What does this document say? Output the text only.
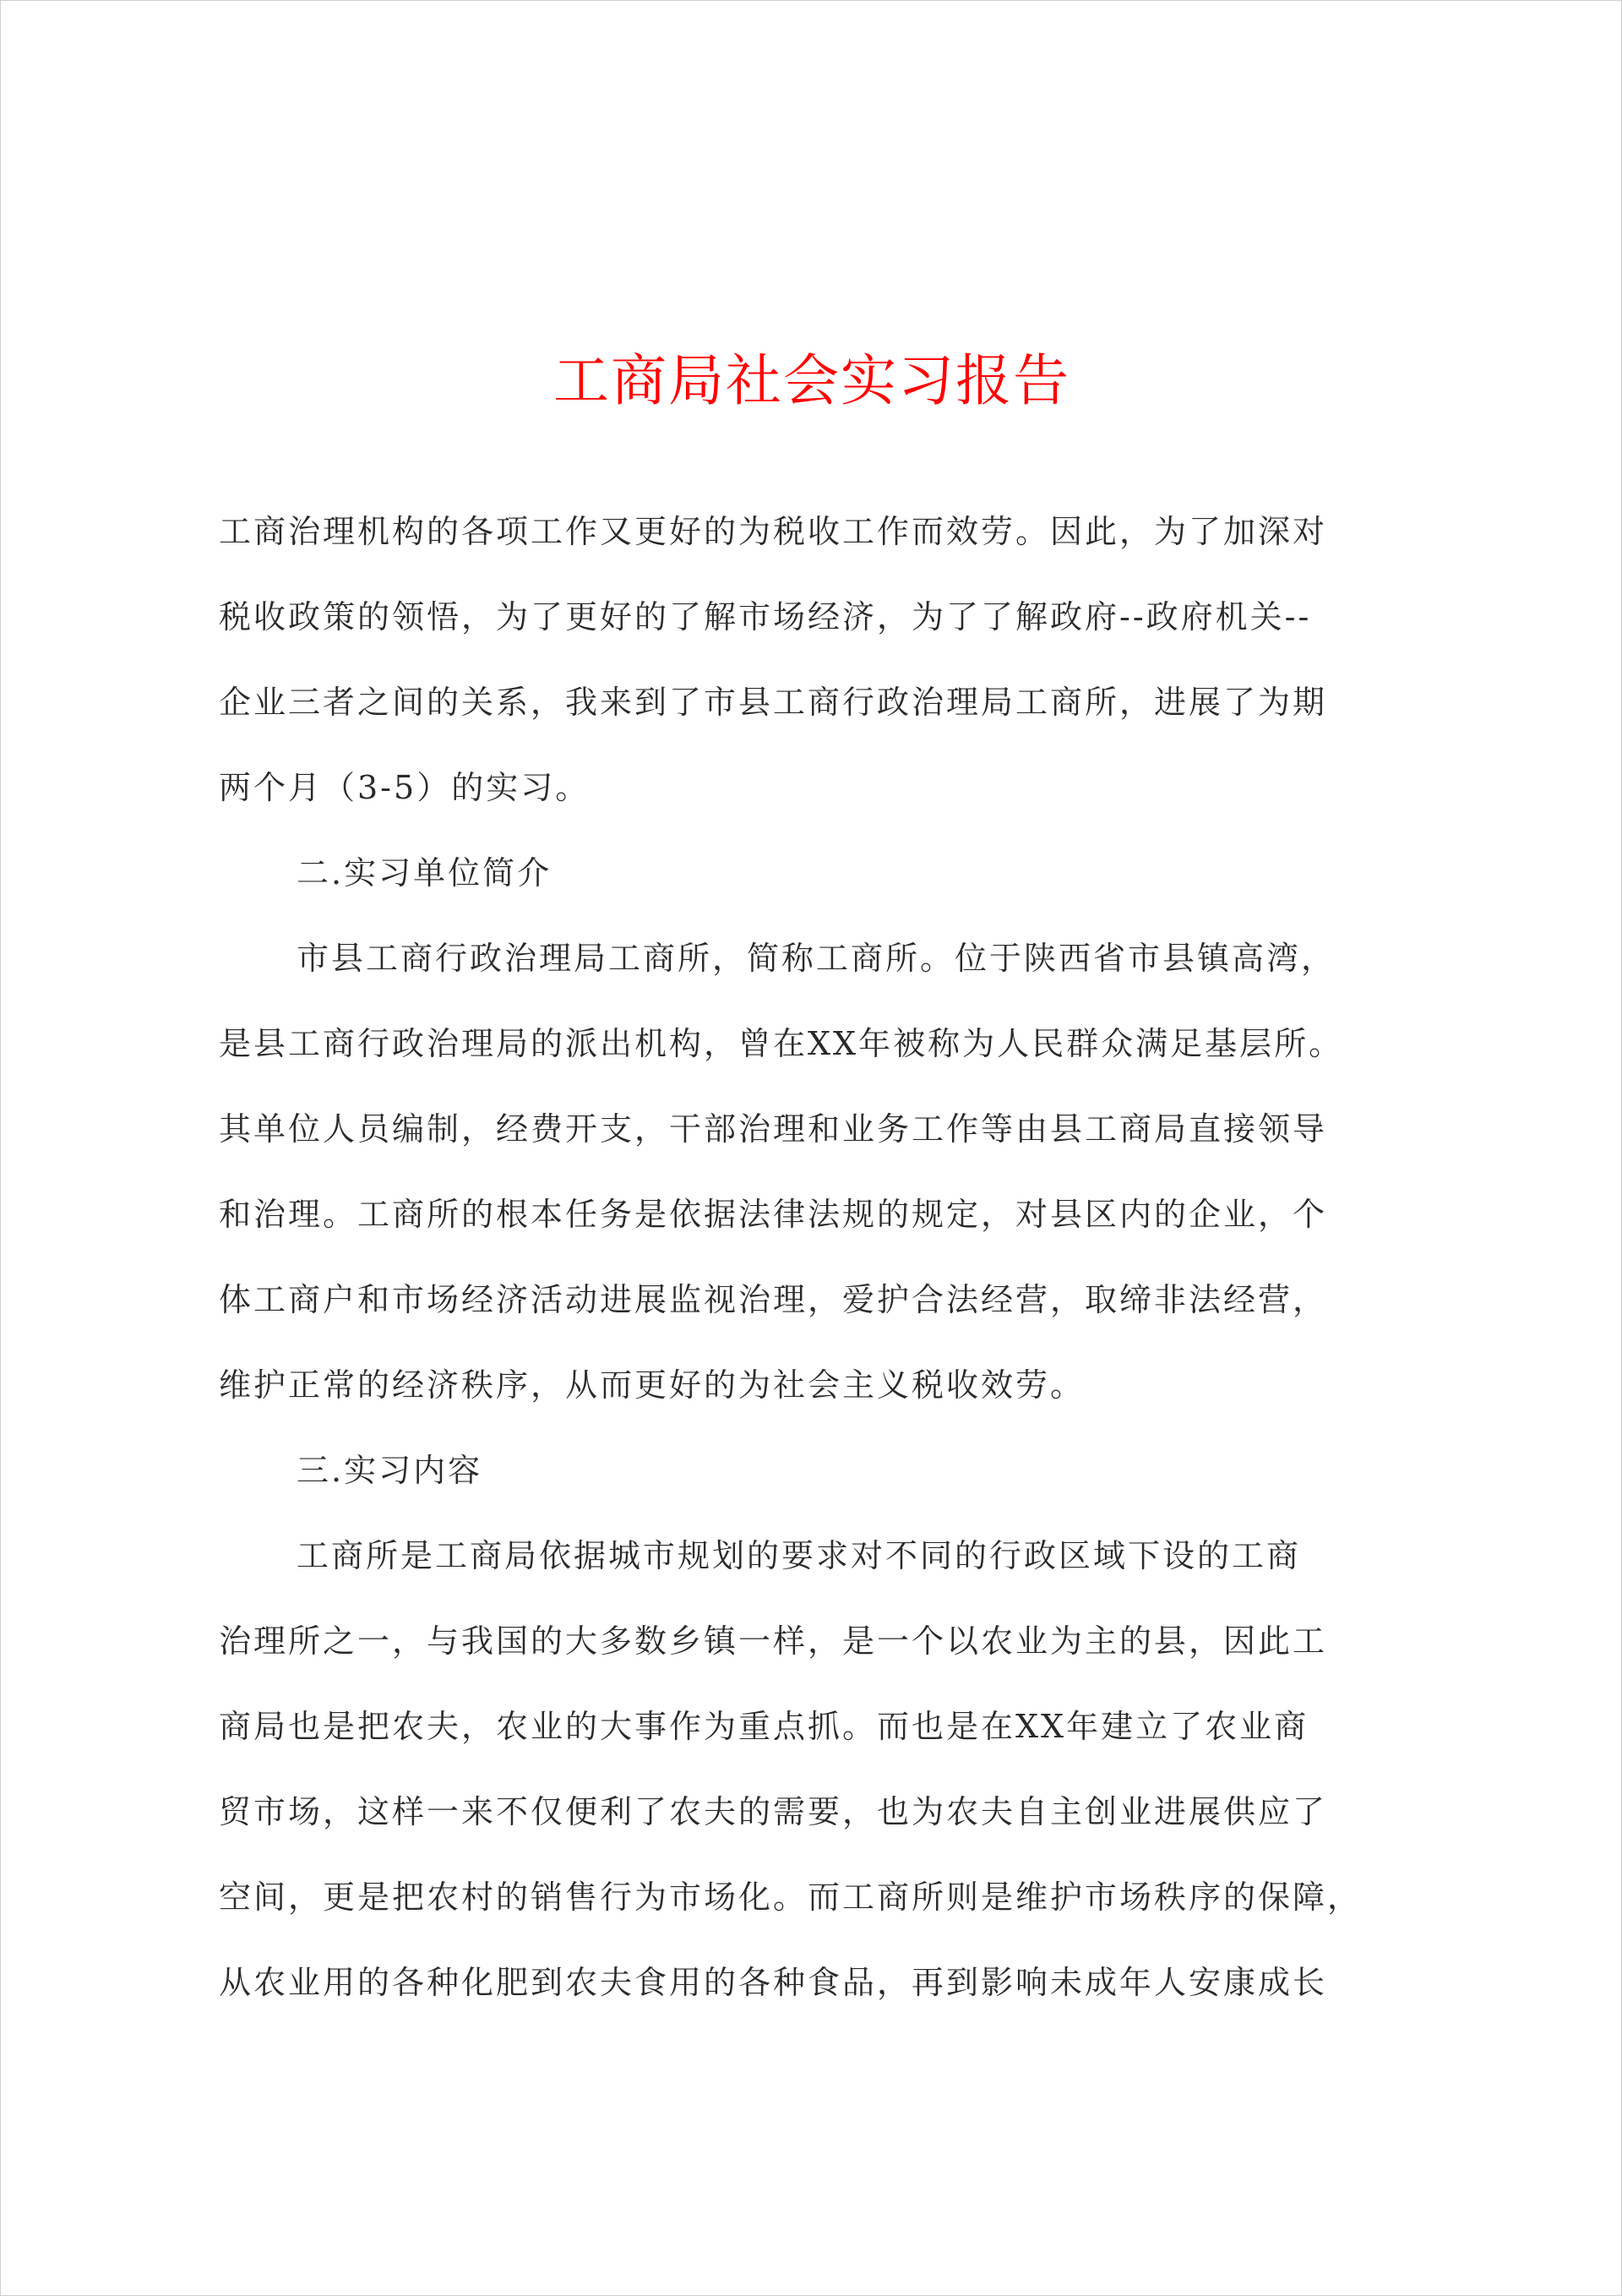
工商局社会实习报告
工商治理机构的各项工作又更好的为税收工作而效劳。因此，为了加深对
税收政策的领悟，为了更好的了解市场经济，为了了解政府--政府机关--
企业三者之间的关系，我来到了市县工商行政治理局工商所，进展了为期
两个月（3-5）的实习。
二.实习单位简介
市县工商行政治理局工商所，简称工商所。位于陕西省市县镇高湾，
是县工商行政治理局的派出机构，曾在XX年被称为人民群众满足基层所。
其单位人员编制，经费开支，干部治理和业务工作等由县工商局直接领导
和治理。工商所的根本任务是依据法律法规的规定，对县区内的企业，个
体工商户和市场经济活动进展监视治理，爱护合法经营，取缔非法经营，
维护正常的经济秩序，从而更好的为社会主义税收效劳。
三.实习内容
工商所是工商局依据城市规划的要求对不同的行政区域下设的工商
治理所之一，与我国的大多数乡镇一样，是一个以农业为主的县，因此工
商局也是把农夫，农业的大事作为重点抓。而也是在XX年建立了农业商
贸市场，这样一来不仅便利了农夫的需要，也为农夫自主创业进展供应了
空间，更是把农村的销售行为市场化。而工商所则是维护市场秩序的保障，
从农业用的各种化肥到农夫食用的各种食品，再到影响未成年人安康成长
